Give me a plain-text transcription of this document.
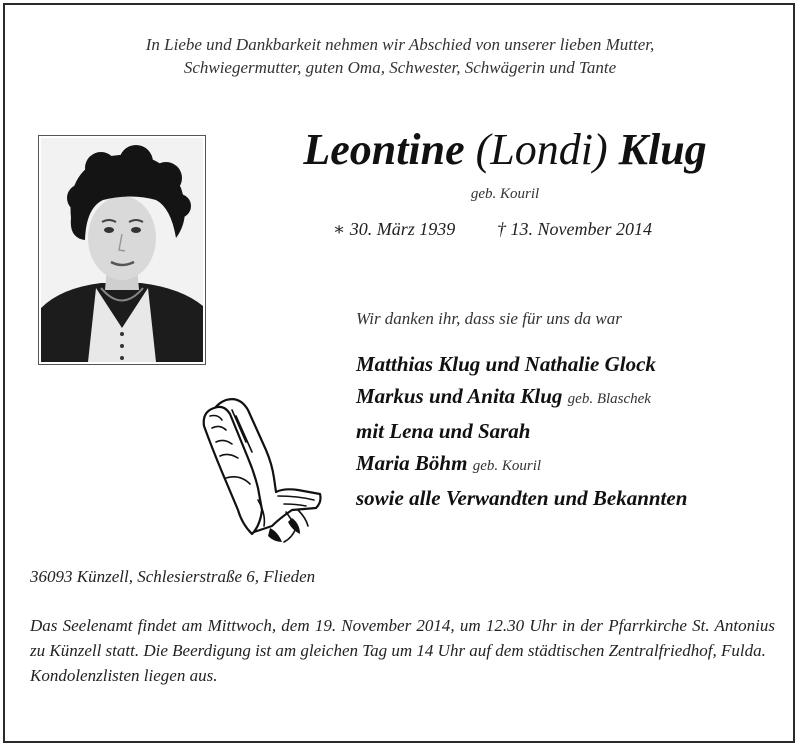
In Liebe und Dankbarkeit nehmen wir Abschied von unserer lieben Mutter,
Schwiegermutter, guten Oma, Schwester, Schwägerin und Tante
Leontine (Londi) Klug
geb. Kouril
∗ 30. März 1939 † 13. November 2014
Wir danken ihr, dass sie für uns da war
Matthias Klug und Nathalie Glock
Markus und Anita Klug geb. Blaschek
mit Lena und Sarah
Maria Böhm geb. Kouril
sowie alle Verwandten und Bekannten
36093 Künzell, Schlesierstraße 6, Flieden

Das Seelenamt findet am Mittwoch, dem 19. November 2014, um 12.30 Uhr in der Pfarrkirche St. Antonius zu Künzell statt. Die Beerdigung ist am gleichen Tag um 14 Uhr auf dem städtischen Zentralfriedhof, Fulda.

Kondolenzlisten liegen aus.
